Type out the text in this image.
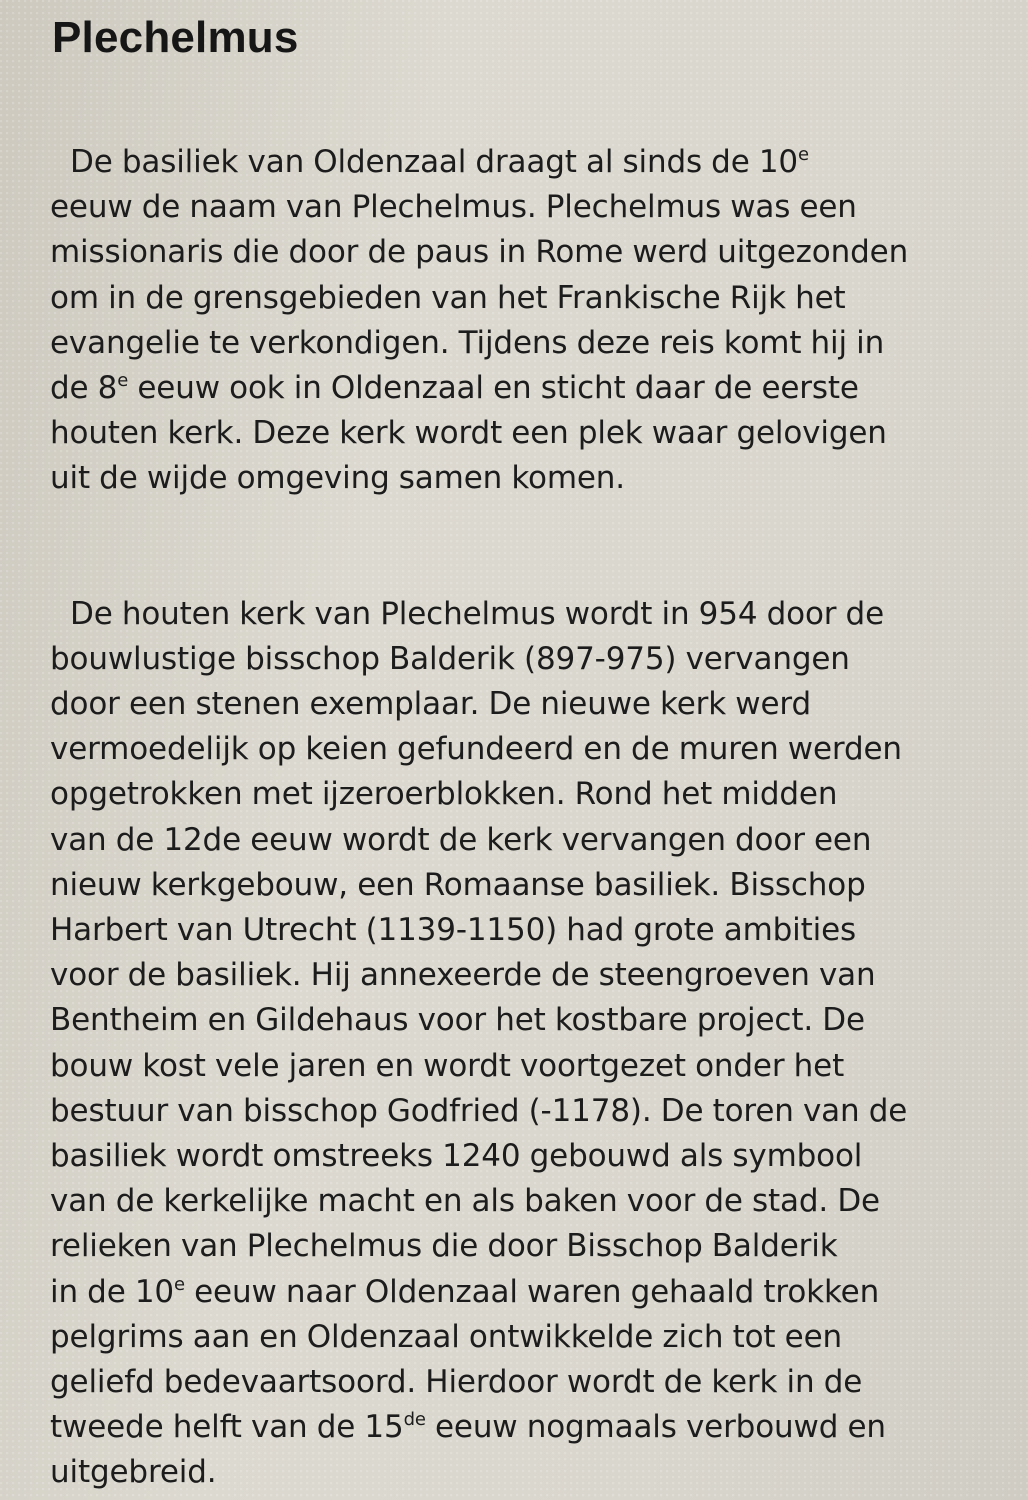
Plechelmus

De basiliek van Oldenzaal draagt al sinds de 10e
eeuw de naam van Plechelmus. Plechelmus was een
missionaris die door de paus in Rome werd uitgezonden
om in de grensgebieden van het Frankische Rijk het
evangelie te verkondigen. Tijdens deze reis komt hij in
de 8e eeuw ook in Oldenzaal en sticht daar de eerste
houten kerk. Deze kerk wordt een plek waar gelovigen
uit de wijde omgeving samen komen.

De houten kerk van Plechelmus wordt in 954 door de
bouwlustige bisschop Balderik (897-975) vervangen
door een stenen exemplaar. De nieuwe kerk werd
vermoedelijk op keien gefundeerd en de muren werden
opgetrokken met ijzeroerblokken. Rond het midden
van de 12de eeuw wordt de kerk vervangen door een
nieuw kerkgebouw, een Romaanse basiliek. Bisschop
Harbert van Utrecht (1139-1150) had grote ambities
voor de basiliek. Hij annexeerde de steengroeven van
Bentheim en Gildehaus voor het kostbare project. De
bouw kost vele jaren en wordt voortgezet onder het
bestuur van bisschop Godfried (-1178). De toren van de
basiliek wordt omstreeks 1240 gebouwd als symbool
van de kerkelijke macht en als baken voor de stad. De
relieken van Plechelmus die door Bisschop Balderik
in de 10e eeuw naar Oldenzaal waren gehaald trokken
pelgrims aan en Oldenzaal ontwikkelde zich tot een
geliefd bedevaartsoord. Hierdoor wordt de kerk in de
tweede helft van de 15de eeuw nogmaals verbouwd en
uitgebreid.
